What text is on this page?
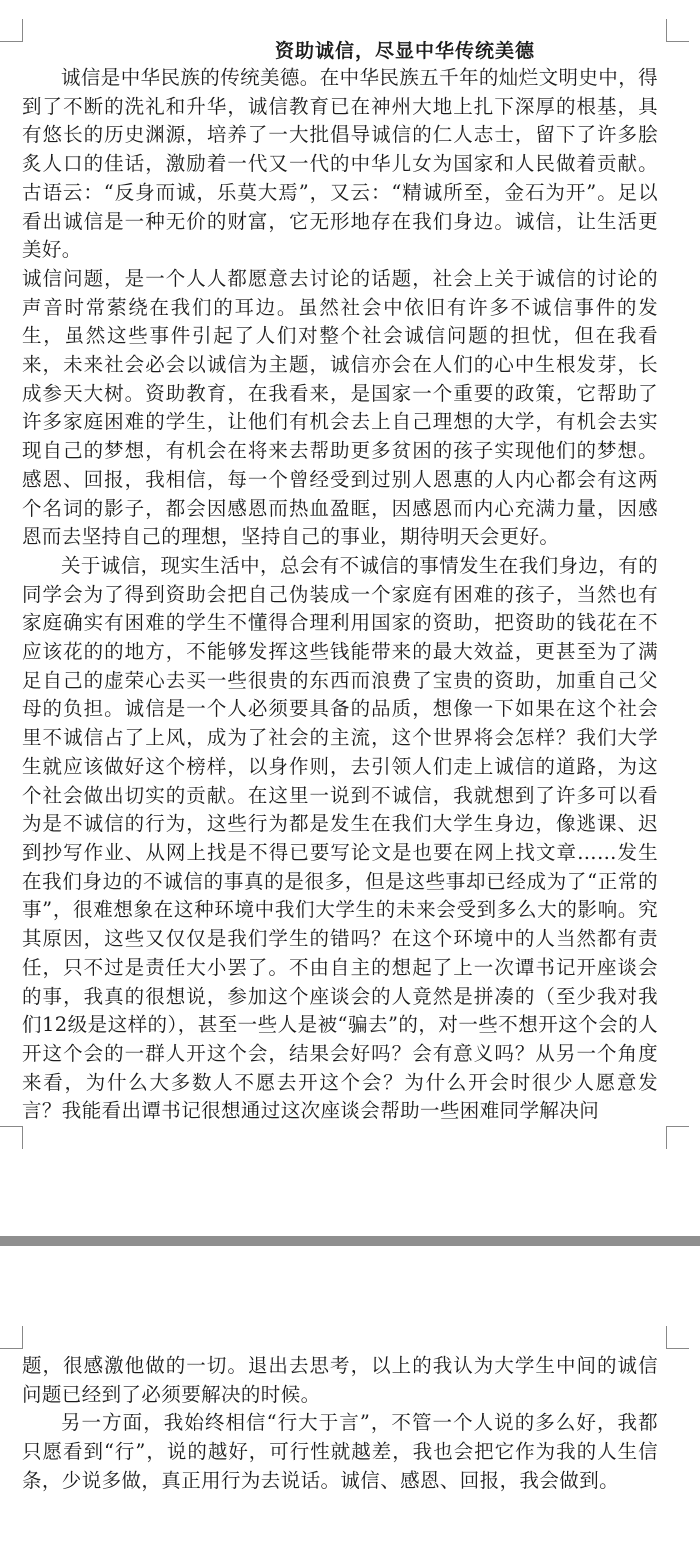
资助诚信，尽显中华传统美德

诚信是中华民族的传统美德。在中华民族五千年的灿烂文明史中，得到了不断的洗礼和升华，诚信教育已在神州大地上扎下深厚的根基，具有悠长的历史渊源，培养了一大批倡导诚信的仁人志士，留下了许多脍炙人口的佳话，激励着一代又一代的中华儿女为国家和人民做着贡献。古语云：“反身而诚，乐莫大焉”，又云：“精诚所至，金石为开”。足以看出诚信是一种无价的财富，它无形地存在我们身边。诚信，让生活更美好。

诚信问题，是一个人人都愿意去讨论的话题，社会上关于诚信的讨论的声音时常萦绕在我们的耳边。虽然社会中依旧有许多不诚信事件的发生，虽然这些事件引起了人们对整个社会诚信问题的担忧，但在我看来，未来社会必会以诚信为主题，诚信亦会在人们的心中生根发芽，长成参天大树。资助教育，在我看来，是国家一个重要的政策，它帮助了许多家庭困难的学生，让他们有机会去上自己理想的大学，有机会去实现自己的梦想，有机会在将来去帮助更多贫困的孩子实现他们的梦想。感恩、回报，我相信，每一个曾经受到过别人恩惠的人内心都会有这两个名词的影子，都会因感恩而热血盈眶，因感恩而内心充满力量，因感恩而去坚持自己的理想，坚持自己的事业，期待明天会更好。

关于诚信，现实生活中，总会有不诚信的事情发生在我们身边，有的同学会为了得到资助会把自己伪装成一个家庭有困难的孩子，当然也有家庭确实有困难的学生不懂得合理利用国家的资助，把资助的钱花在不应该花的的地方，不能够发挥这些钱能带来的最大效益，更甚至为了满足自己的虚荣心去买一些很贵的东西而浪费了宝贵的资助，加重自己父母的负担。诚信是一个人必须要具备的品质，想像一下如果在这个社会里不诚信占了上风，成为了社会的主流，这个世界将会怎样？我们大学生就应该做好这个榜样，以身作则，去引领人们走上诚信的道路，为这个社会做出切实的贡献。在这里一说到不诚信，我就想到了许多可以看为是不诚信的行为，这些行为都是发生在我们大学生身边，像逃课、迟到抄写作业、从网上找是不得已要写论文是也要在网上找文章……发生在我们身边的不诚信的事真的是很多，但是这些事却已经成为了“正常的事”，很难想象在这种环境中我们大学生的未来会受到多么大的影响。究其原因，这些又仅仅是我们学生的错吗？在这个环境中的人当然都有责任，只不过是责任大小罢了。不由自主的想起了上一次谭书记开座谈会的事，我真的很想说，参加这个座谈会的人竟然是拼凑的（至少我对我们12级是这样的），甚至一些人是被“骗去”的，对一些不想开这个会的人开这个会的一群人开这个会，结果会好吗？会有意义吗？从另一个角度来看，为什么大多数人不愿去开这个会？为什么开会时很少人愿意发言？我能看出谭书记很想通过这次座谈会帮助一些困难同学解决问

题，很感激他做的一切。退出去思考，以上的我认为大学生中间的诚信问题已经到了必须要解决的时候。

另一方面，我始终相信“行大于言”，不管一个人说的多么好，我都只愿看到“行”，说的越好，可行性就越差，我也会把它作为我的人生信条，少说多做，真正用行为去说话。诚信、感恩、回报，我会做到。
